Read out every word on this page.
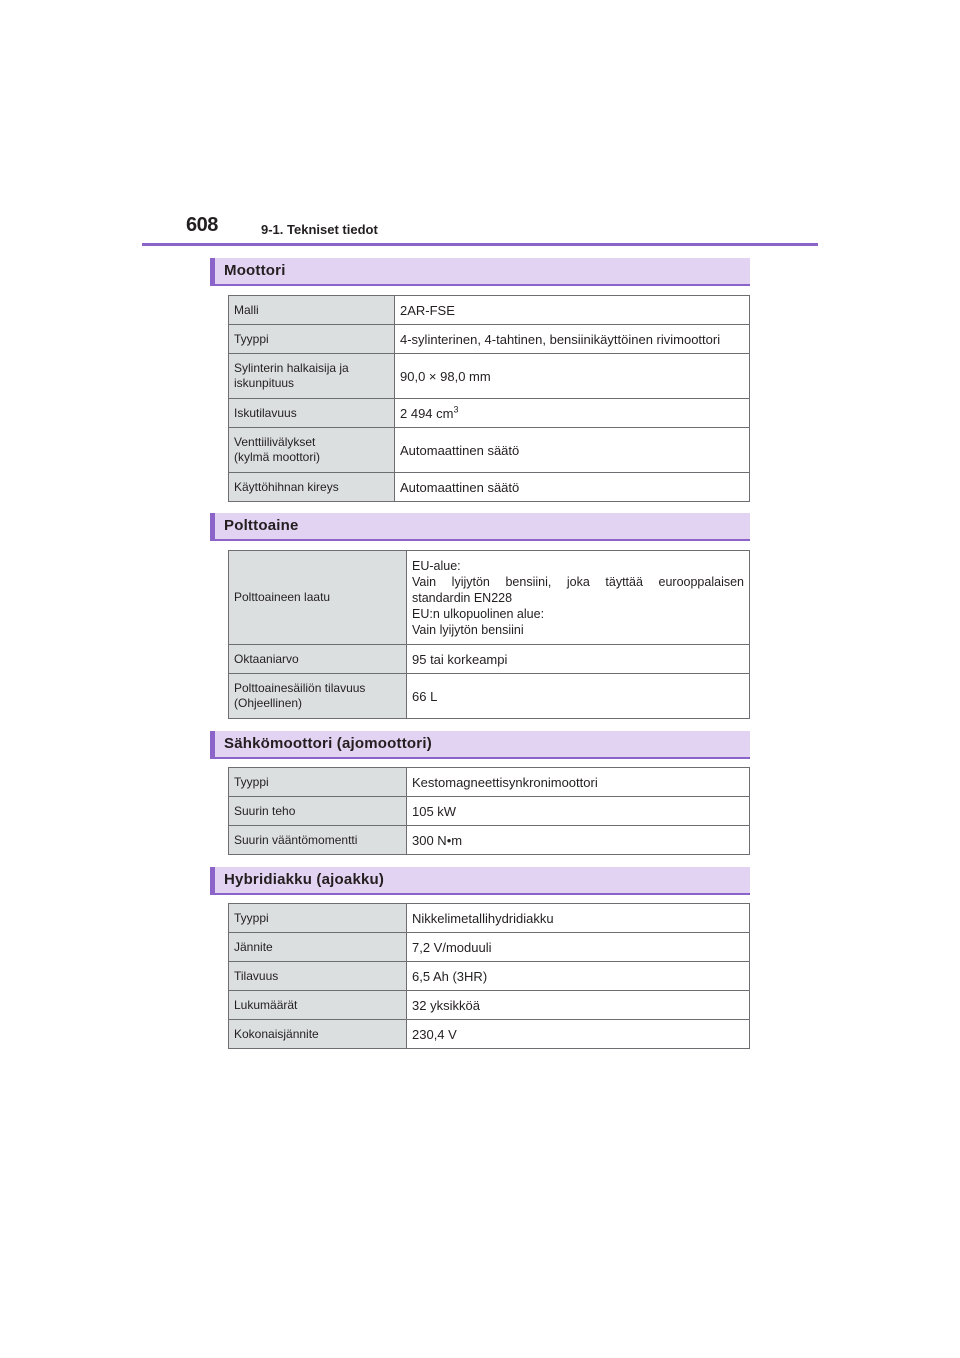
608	9-1. Tekniset tiedot
Moottori
Malli	2AR-FSE
Tyyppi	4-sylinterinen, 4-tahtinen, bensiinikäyttöinen rivimoottori

Sylinterin halkaisija ja
iskunpituus	90,0 × 98,0 mm
Iskutilavuus	2 494 $cm^3$

Venttiilivälykset
(kylmä moottori)	Automaattinen säätö
Käyttöhihnan kireys	Automaattinen säätö
Polttoaine
Polttoaineen laatu	EU-alue:
Vain lyijytön bensiini, joka täyttää eurooppalaisen standardin EN228
EU:n ulkopuolinen alue:
Vain lyijytön bensiini

Oktaaniarvo	95 tai korkeampi

Polttoainesäiliön tilavuus
(Ohjeellinen)	66 L
Sähkömoottori (ajomoottori)
Tyyppi	Kestomagneettisynkronimoottori
Suurin teho	105 kW
Suurin vääntömomentti	300 N•m
Hybridiakku (ajoakku)
Tyyppi	Nikkelimetallihydridiakku
Jännite	7,2 V/moduuli
Tilavuus	6,5 Ah (3HR)
Lukumäärät	32 yksikköä
Kokonaisjännite	230,4 V
